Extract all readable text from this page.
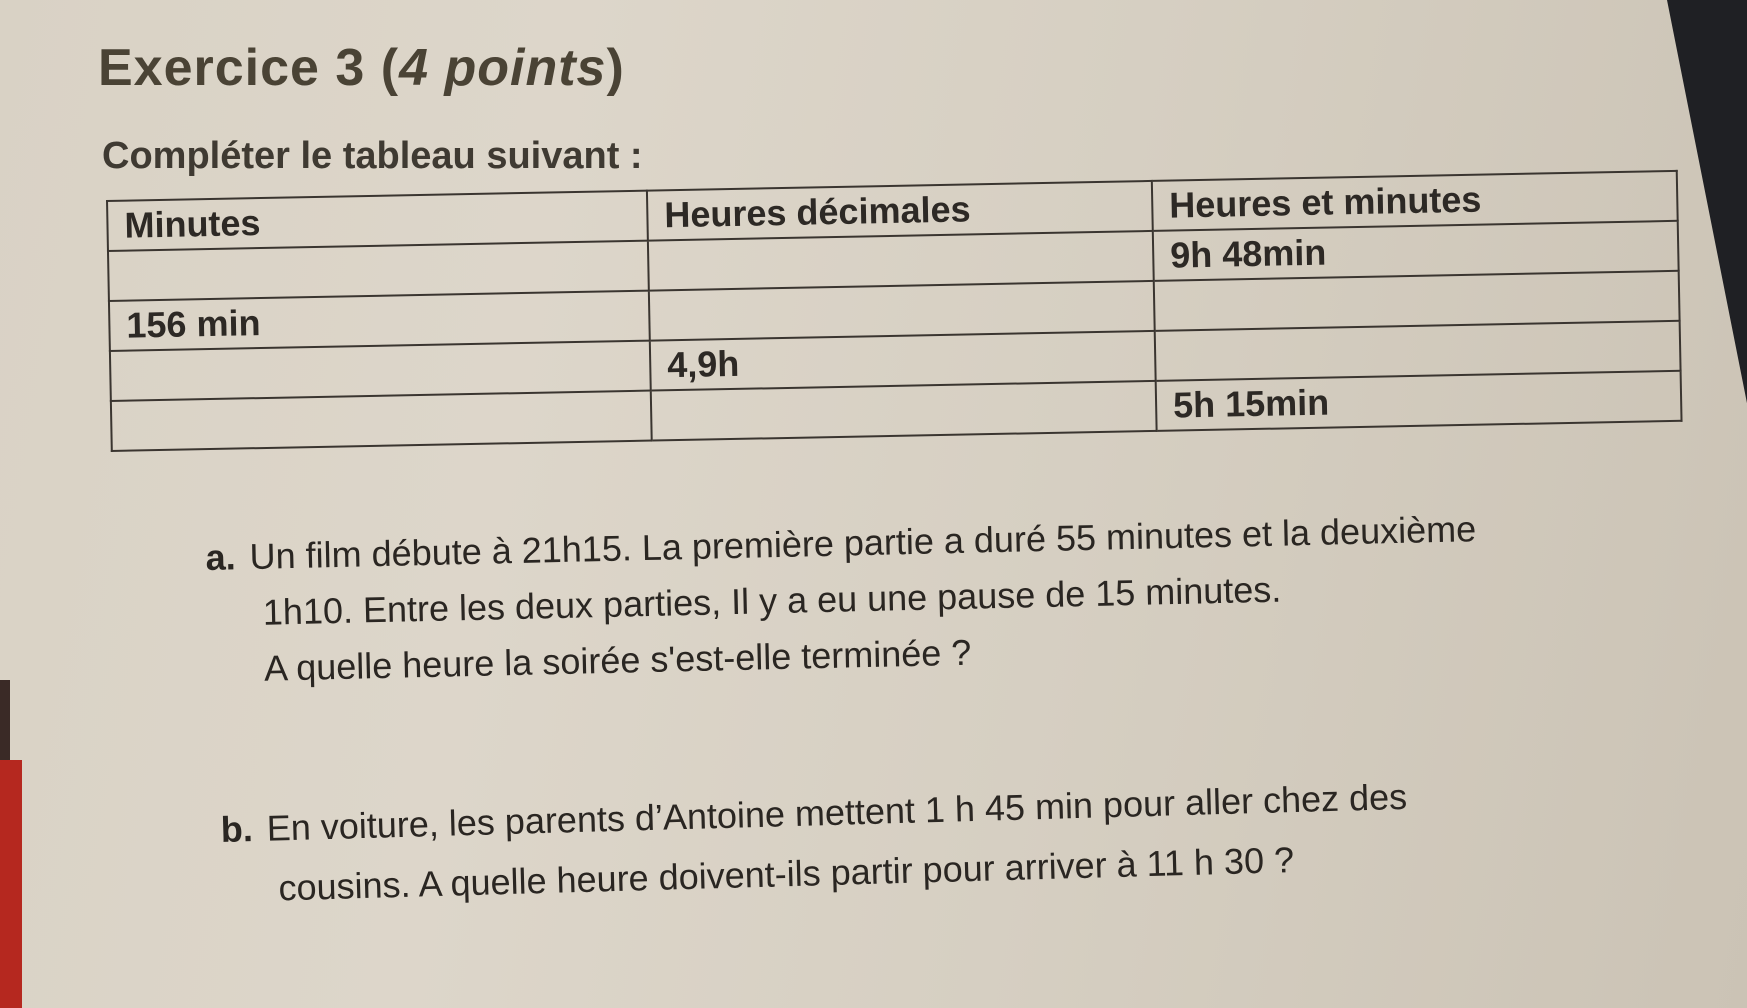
Exercice 3 (4 points)
Compléter le tableau suivant :
Minutes	Heures décimales	Heures et minutes
		9h 48min
156 min		
	4,9h	
		5h 15min
a. Un film débute à 21h15. La première partie a duré 55 minutes et la deuxième
1h10. Entre les deux parties, Il y a eu une pause de 15 minutes.
A quelle heure la soirée s'est-elle terminée ?
b. En voiture, les parents d’Antoine mettent 1 h 45 min pour aller chez des
cousins. A quelle heure doivent-ils partir pour arriver à 11 h 30 ?
